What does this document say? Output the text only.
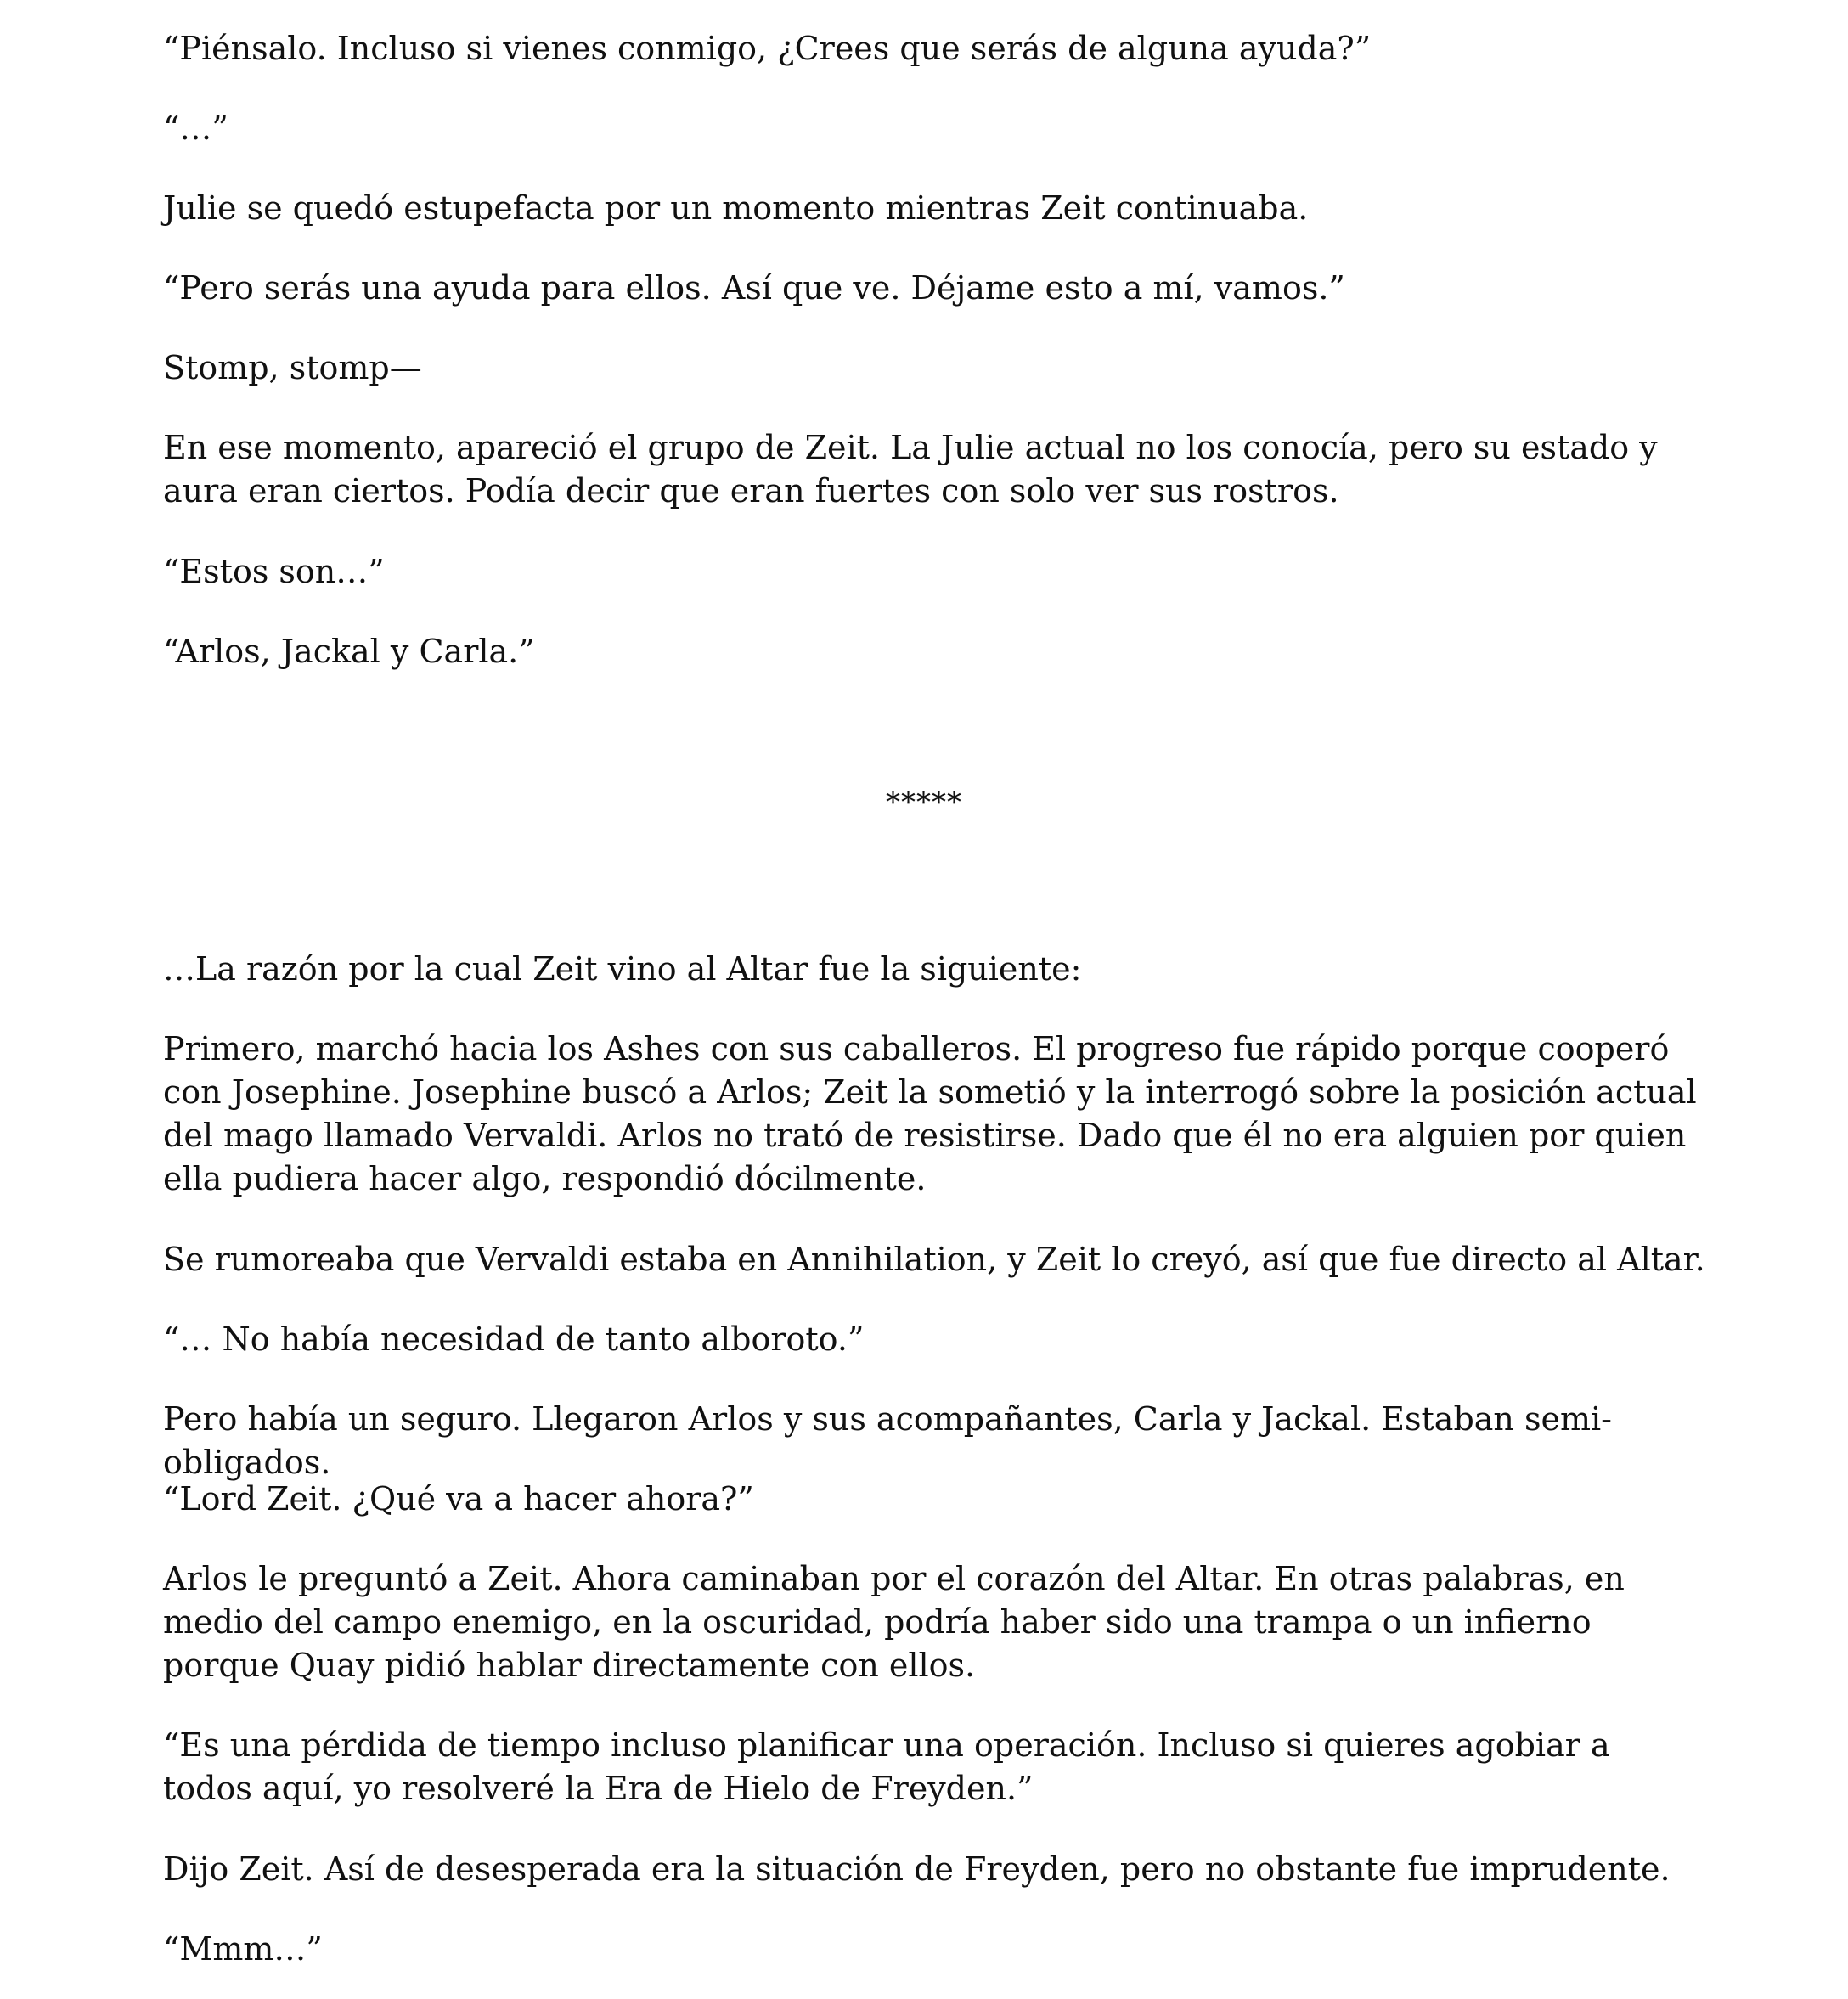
“Piénsalo. Incluso si vienes conmigo, ¿Crees que serás de alguna ayuda?”

“…”

Julie se quedó estupefacta por un momento mientras Zeit continuaba.

“Pero serás una ayuda para ellos. Así que ve. Déjame esto a mí, vamos.”

Stomp, stomp—

En ese momento, apareció el grupo de Zeit. La Julie actual no los conocía, pero su estado y aura eran ciertos. Podía decir que eran fuertes con solo ver sus rostros.

“Estos son…”

“Arlos, Jackal y Carla.”

*****

…La razón por la cual Zeit vino al Altar fue la siguiente:

Primero, marchó hacia los Ashes con sus caballeros. El progreso fue rápido porque cooperó con Josephine. Josephine buscó a Arlos; Zeit la sometió y la interrogó sobre la posición actual del mago llamado Vervaldi. Arlos no trató de resistirse. Dado que él no era alguien por quien ella pudiera hacer algo, respondió dócilmente.

Se rumoreaba que Vervaldi estaba en Annihilation, y Zeit lo creyó, así que fue directo al Altar.

“… No había necesidad de tanto alboroto.”

Pero había un seguro. Llegaron Arlos y sus acompañantes, Carla y Jackal. Estaban semi-obligados.

“Lord Zeit. ¿Qué va a hacer ahora?”

Arlos le preguntó a Zeit. Ahora caminaban por el corazón del Altar. En otras palabras, en medio del campo enemigo, en la oscuridad, podría haber sido una trampa o un infierno porque Quay pidió hablar directamente con ellos.

“Es una pérdida de tiempo incluso planificar una operación. Incluso si quieres agobiar a todos aquí, yo resolveré la Era de Hielo de Freyden.”

Dijo Zeit. Así de desesperada era la situación de Freyden, pero no obstante fue imprudente.

“Mmm…”
